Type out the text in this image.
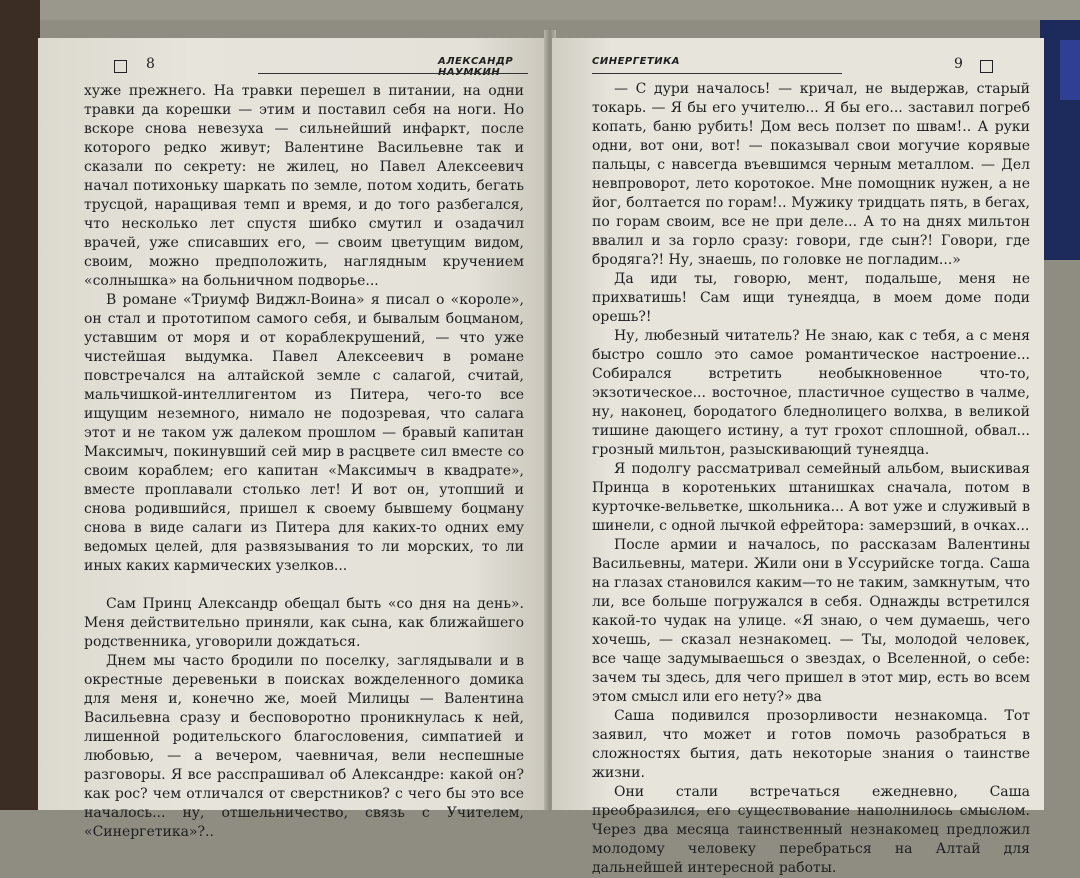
8	АЛЕКСАНДР НАУМКИН

хуже прежнего. На травки перешел в питании, на одни травки да корешки — этим и поставил себя на ноги. Но вскоре снова невезуха — сильнейший инфаркт, после которого редко живут; Валентине Васильевне так и сказали по секрету: не жилец, но Павел Алексеевич начал потихоньку шаркать по земле, потом ходить, бегать трусцой, наращивая темп и время, и до того разбегался, что несколько лет спустя шибко смутил и озадачил врачей, уже списавших его, — своим цветущим видом, своим, можно предположить, наглядным кручением «солнышка» на больничном подворье...

В романе «Триумф Виджл-Воина» я писал о «короле», он стал и прототипом самого себя, и бывалым боцманом, уставшим от моря и от кораблекрушений, — что уже чистейшая выдумка. Павел Алексеевич в романе повстречался на алтайской земле с салагой, считай, мальчишкой-интеллигентом из Питера, чего-то все ищущим неземного, нимало не подозревая, что салага этот и не таком уж далеком прошлом — бравый капитан Максимыч, покинувший сей мир в расцвете сил вместе со своим кораблем; его капитан «Максимыч в квадрате», вместе проплавали столько лет! И вот он, утопший и снова родившийся, пришел к своему бывшему боцману снова в виде салаги из Питера для каких-то одних ему ведомых целей, для развязывания то ли морских, то ли иных каких кармических узелков...

Сам Принц Александр обещал быть «со дня на день». Меня действительно приняли, как сына, как ближайшего родственника, уговорили дождаться.

Днем мы часто бродили по поселку, заглядывали и в окрестные деревеньки в поисках вожделенного домика для меня и, конечно же, моей Милицы — Валентина Васильевна сразу и бесповоротно проникнулась к ней, лишенной родительского благословения, симпатией и любовью, — а вечером, чаевничая, вели неспешные разговоры. Я все расспрашивал об Александре: какой он? как рос? чем отличался от сверстников? с чего бы это все началось... ну, отшельничество, связь с Учителем, «Синергетика»?..

СИНЕРГЕТИКА	9

— С дури началось! — кричал, не выдержав, старый токарь. — Я бы его учителю... Я бы его... заставил погреб копать, баню рубить! Дом весь ползет по швам!.. А руки одни, вот они, вот! — показывал свои могучие корявые пальцы, с навсегда въевшимся черным металлом. — Дел невпроворот, лето коротокое. Мне помощник нужен, а не йог, болтается по горам!.. Мужику тридцать пять, в бегах, по горам своим, все не при деле... А то на днях мильтон ввалил и за горло сразу: говори, где сын?! Говори, где бродяга?! Ну, знаешь, по головке не погладим...»

Да иди ты, говорю, мент, подальше, меня не прихватишь! Сам ищи тунеядца, в моем доме поди орешь?!

Ну, любезный читатель? Не знаю, как с тебя, а с меня быстро сошло это самое романтическое настроение... Собирался встретить необыкновенное что-то, экзотическое... восточное, пластичное существо в чалме, ну, наконец, бородатого бледнолицего волхва, в великой тишине дающего истину, а тут грохот сплошной, обвал... грозный мильтон, разыскивающий тунеядца.

Я подолгу рассматривал семейный альбом, выискивая Принца в коротеньких штанишках сначала, потом в курточке-вельветке, школьника... А вот уже и служивый в шинели, с одной лычкой ефрейтора: замерзший, в очках...

После армии и началось, по рассказам Валентины Васильевны, матери. Жили они в Уссурийске тогда. Саша на глазах становился каким—то не таким, замкнутым, что ли, все больше погружался в себя. Однажды встретился какой-то чудак на улице. «Я знаю, о чем думаешь, чего хочешь, — сказал незнакомец. — Ты, молодой человек, все чаще задумываешься о звездах, о Вселенной, о себе: зачем ты здесь, для чего пришел в этот мир, есть во всем этом смысл или его нету?» два

Саша подивился прозорливости незнакомца. Тот заявил, что может и готов помочь разобраться в сложностях бытия, дать некоторые знания о таинстве жизни.

Они стали встречаться ежедневно, Саша преобразился, его существование наполнилось смыслом. Через два месяца таинственный незнакомец предложил молодому человеку перебраться на Алтай для дальнейшей интересной работы.
